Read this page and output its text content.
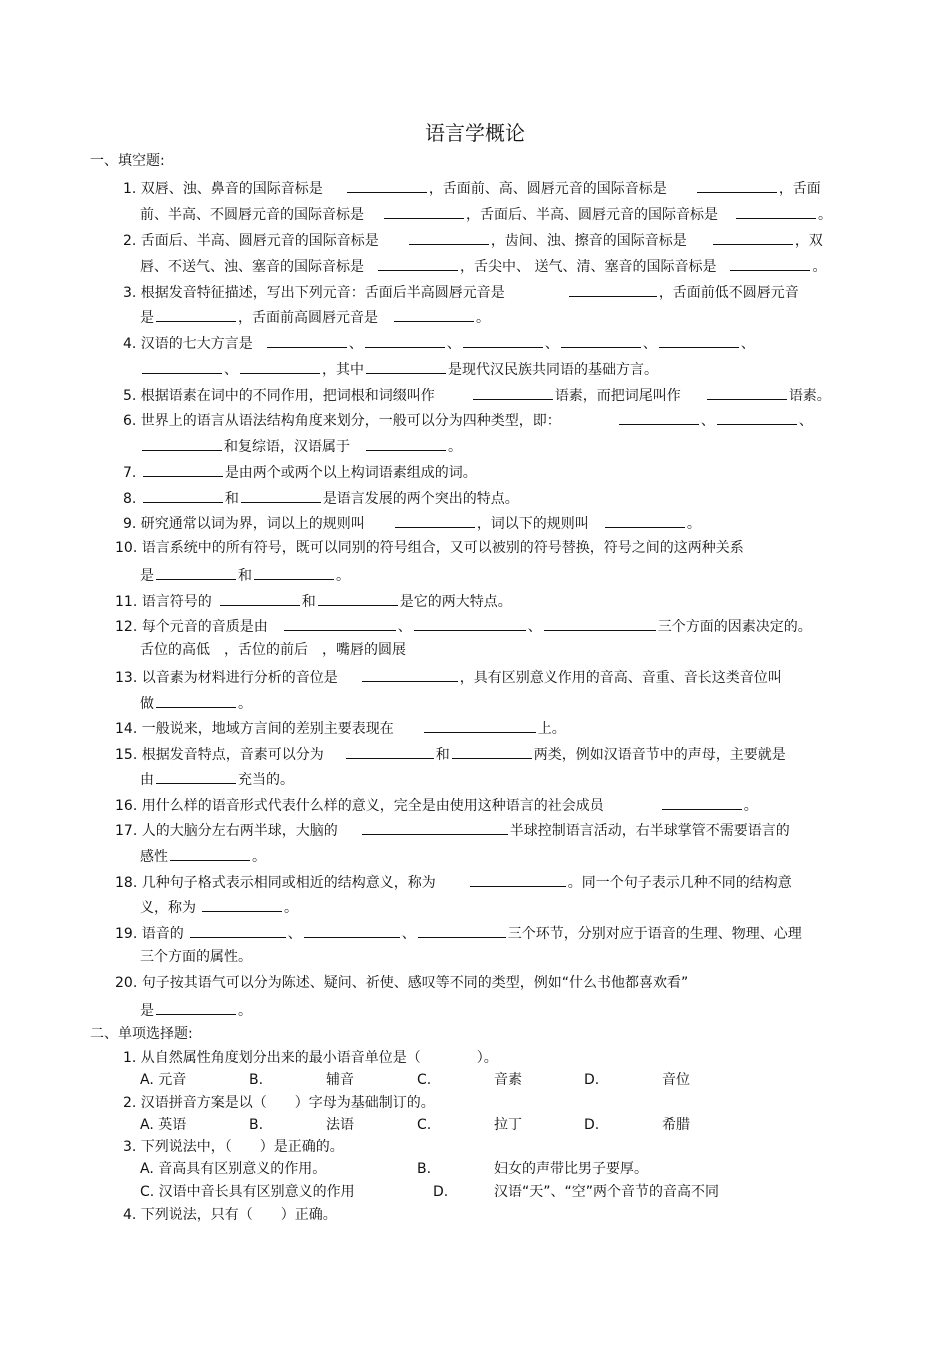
语言学概论
一、填空题:
1. 双唇、浊、鼻音的国际音标是	，舌面前、高、圆唇元音的国际音标是	，舌面
前、半高、不圆唇元音的国际音标是	，舌面后、半高、圆唇元音的国际音标是	。
2. 舌面后、半高、圆唇元音的国际音标是	，齿间、浊、擦音的国际音标是	，双
唇、不送气、浊、塞音的国际音标是	，舌尖中、 送气、清、塞音的国际音标是	。
3. 根据发音特征描述，写出下列元音：舌面后半高圆唇元音是	，舌面前低不圆唇元音
是	，舌面前高圆唇元音是	。
4. 汉语的七大方言是	、	、	、	、	、
、	，其中	是现代汉民族共同语的基础方言。
5. 根据语素在词中的不同作用，把词根和词缀叫作	语素，而把词尾叫作	语素。
6. 世界上的语言从语法结构角度来划分，一般可以分为四种类型，即：	、	、
和复综语，汉语属于	。
7.	是由两个或两个以上构词语素组成的词。
8.	和	是语言发展的两个突出的特点。
9. 研究通常以词为界，词以上的规则叫	，词以下的规则叫	。
10. 语言系统中的所有符号，既可以同别的符号组合，又可以被别的符号替换，符号之间的这两种关系
是	和	。
11. 语言符号的	和	是它的两大特点。
12. 每个元音的音质是由	、	、	三个方面的因素决定的。
舌位的高低　，舌位的前后　，嘴唇的圆展
13. 以音素为材料进行分析的音位是	，具有区别意义作用的音高、音重、音长这类音位叫
做	。
14. 一般说来，地域方言间的差别主要表现在	上。
15. 根据发音特点，音素可以分为	和	两类，例如汉语音节中的声母，主要就是
由	充当的。
16. 用什么样的语音形式代表什么样的意义，完全是由使用这种语言的社会成员	。
17. 人的大脑分左右两半球，大脑的	半球控制语言活动，右半球掌管不需要语言的
感性	。
18. 几种句子格式表示相同或相近的结构意义，称为	。同一个句子表示几种不同的结构意
义，称为	。
19. 语音的	、	、	三个环节，分别对应于语音的生理、物理、心理
三个方面的属性。
20. 句子按其语气可以分为陈述、疑问、祈使、感叹等不同的类型，例如“什么书他都喜欢看”
是	。
二、单项选择题:
1. 从自然属性角度划分出来的最小语音单位是（　　　　）。
A. 元音	B.	辅音	C.	音素	D.	音位
2. 汉语拼音方案是以（　　）字母为基础制订的。
A. 英语	B.	法语	C.	拉丁	D.	希腊
3. 下列说法中，（　　）是正确的。
A. 音高具有区别意义的作用。	B.	妇女的声带比男子要厚。
C. 汉语中音长具有区别意义的作用	D.	汉语“天”、“空”两个音节的音高不同
4. 下列说法，只有（　　）正确。
